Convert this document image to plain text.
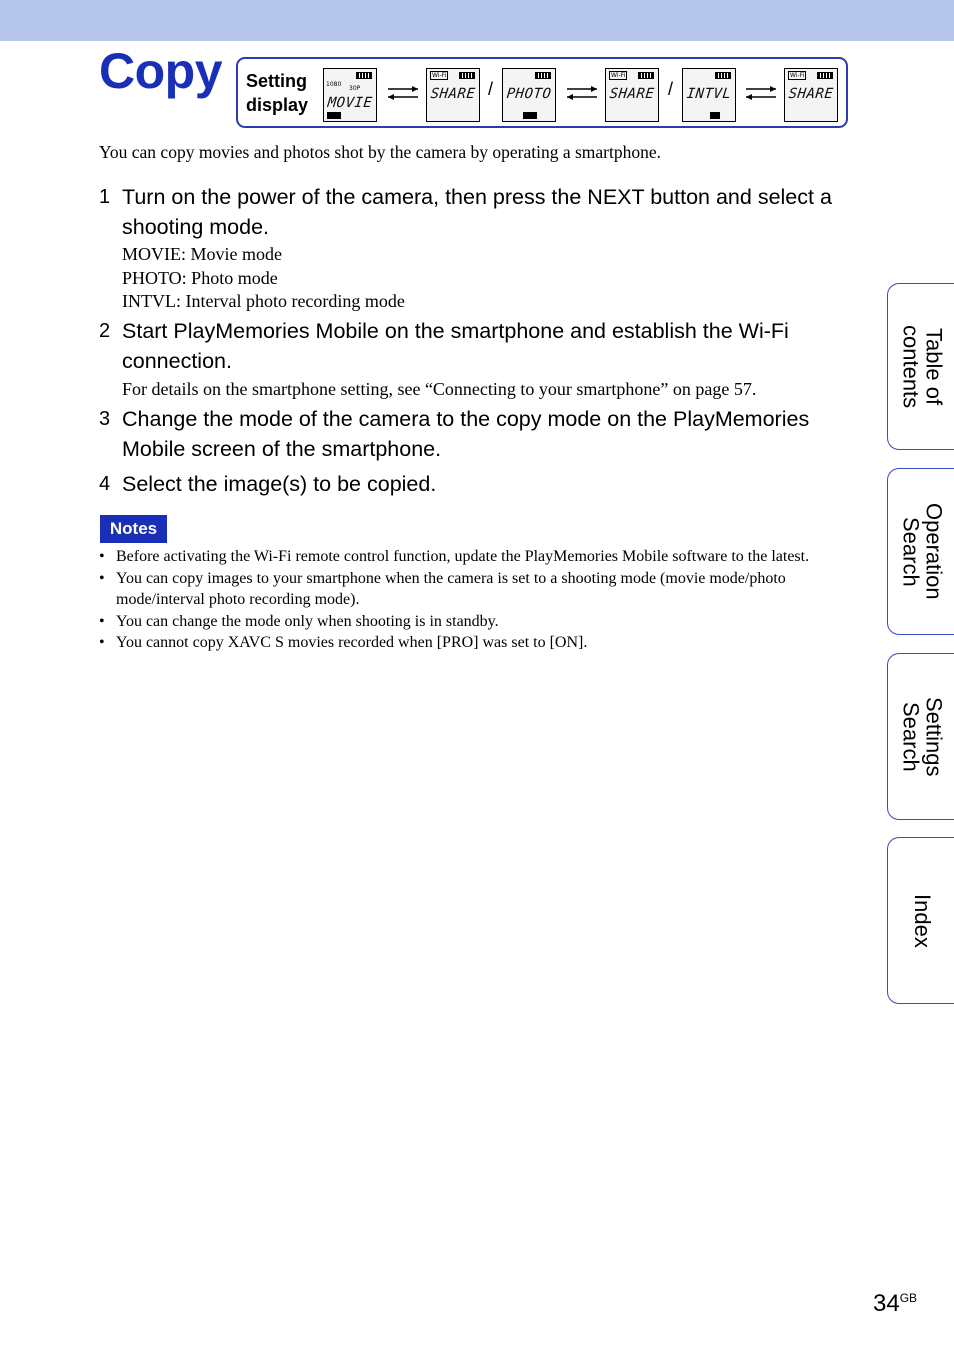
Copy Setting
display
1080
30P
MOVIE
Wi-Fi
SHARE / PHOTO
Wi-Fi
SHARE / INTVL
Wi-Fi
SHARE

You can copy movies and photos shot by the camera by operating a smartphone.

1 Turn on the power of the camera, then press the NEXT button and select a shooting mode.
MOVIE: Movie mode
PHOTO: Photo mode
INTVL: Interval photo recording mode
2 Start PlayMemories Mobile on the smartphone and establish the Wi-Fi connection.
For details on the smartphone setting, see “Connecting to your smartphone” on page 57.
3 Change the mode of the camera to the copy mode on the PlayMemories Mobile screen of the smartphone.
4 Select the image(s) to be copied.
Notes
• Before activating the Wi-Fi remote control function, update the PlayMemories Mobile software to the latest.
• You can copy images to your smartphone when the camera is set to a shooting mode (movie mode/photo mode/interval photo recording mode).
• You can change the mode only when shooting is in standby.
• You cannot copy XAVC S movies recorded when [PRO] was set to [ON].
Table of
contents
Operation
Search
Settings
Search
Index
$34^{GB}$
